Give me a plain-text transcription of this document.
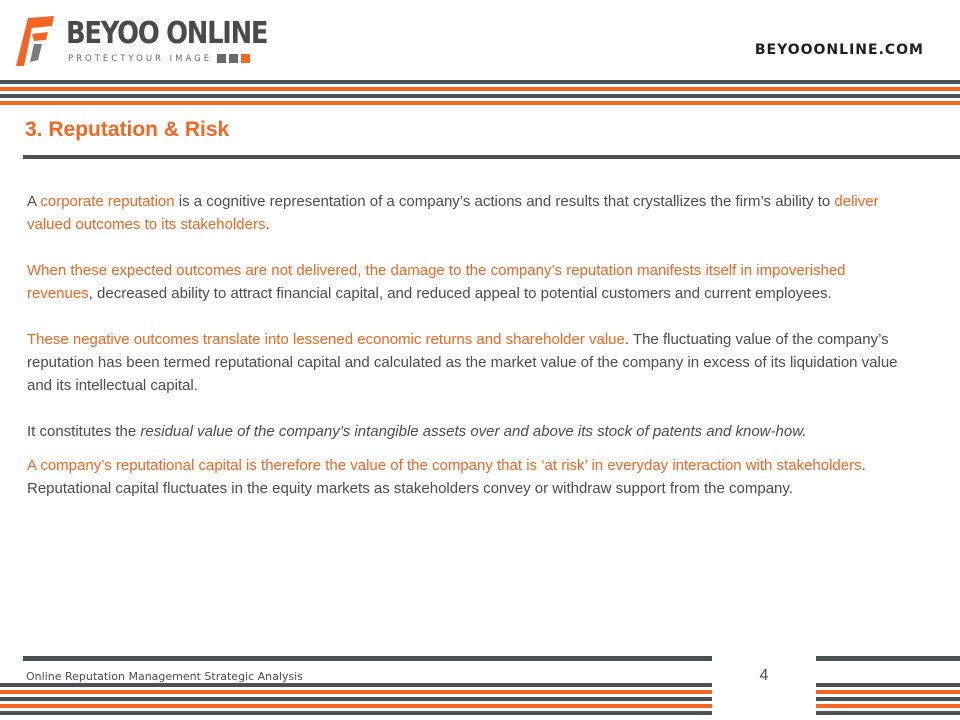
BEYOO ONLINE
PROTECTYOUR IMAGE
BEYOOONLINE.COM
3. Reputation & Risk

A corporate reputation is a cognitive representation of a company’s actions and results that crystallizes the firm’s ability to deliver valued outcomes to its stakeholders.

When these expected outcomes are not delivered, the damage to the company’s reputation manifests itself in impoverished revenues, decreased ability to attract financial capital, and reduced appeal to potential customers and current employees.

These negative outcomes translate into lessened economic returns and shareholder value. The fluctuating value of the company’s reputation has been termed reputational capital and calculated as the market value of the company in excess of its liquidation value and its intellectual capital.

It constitutes the residual value of the company’s intangible assets over and above its stock of patents and know-how.

A company’s reputational capital is therefore the value of the company that is ‘at risk’ in everyday interaction with stakeholders. Reputational capital fluctuates in the equity markets as stakeholders convey or withdraw support from the company.

Online Reputation Management Strategic Analysis	4
